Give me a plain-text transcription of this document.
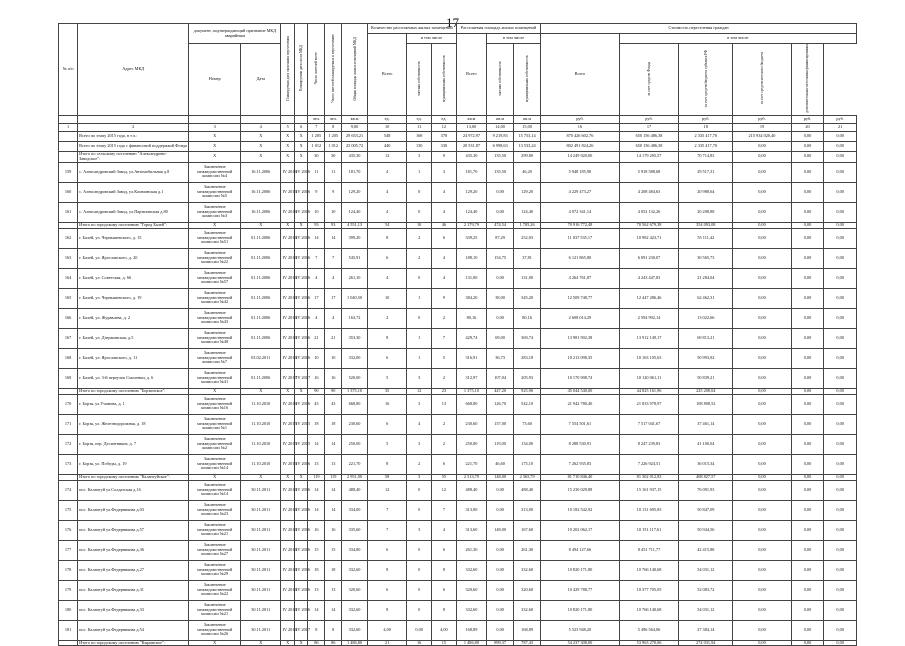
17
№ п/п	Адрес МКД	документ, подтверждающий признание МКД аварийным		Планируемая дата окончания переселения	Планируемая дата сноса МКД	Число жителей всего	Число жителей планируемых к переселению	Общая площадь жилых помещений МКД	Количество расселяемых жилых помещений			Расселяемая площадь жилых помещений			Стоимость переселения граждан					
									Всего	в том числе		Всего	в том числе		Всего	в том числе				
		Номер	Дата							частная собственность	муниципальная собственность		частная собственность	муниципальная собственность		за счет средств Фонда	за счет средств бюджета субъекта РФ	за счет средств местного бюджета	дополнительные источники финансирования	
						чел.	чел.	кв.м	ед.	ед.	ед.	кв.м	кв.м	кв.м	руб.	руб.	руб.	руб.	руб.	руб.
1	2	3	4	5	6	7	8	9,00	10	11	12	13,00	14,00	15,00	16	17	18	19	20	21
	Всего по этапу 2015 года, в т.ч.:	Х	Х	Х	Х	1 205	1 205	29 653,21	548	168	378	24 972,97	9 219,83	15 753,14	870 426 602,76	650 156 486,38	2 335 417,70	215 934 020,40	0,00	0,00
	Всего по этапу 2015 года с финансовой поддержкой Фонда	Х	Х	Х	Х	1 012	1 012	25 005,72	440	130	330	20 531,87	6 998,63	13 533,24	802 491 824,26	650 156 486,38	2 335 417,70	0,00	0,00	0,00
	Итого по сельскому поселению "Александрово-Заводское":	Х	Х	Х	Х	30	30	435,30	12	3	9	435,30	135,50	299,80	14 249 920,00	14 179 205,57	70 714,83	0,00	0,00	0,00
159	с. Александровский Завод, ул.Автомобильная д.8	Заключение межведомственной комиссии №4	16.11.2006	IV 2016	IV 2016	11	11	181,70	4	1	3	181,70	135,50	46,20	5 948 185,90	5 918 588,68	29 517,31	0,00	0,00	0,00
160	с. Александровский Завод, ул.Казачинская д.1	Заключение межведомственной комиссии №5	16.11.2006	IV 2016	IV 2016	9	9	129,20	4	0	4	129,20	0,00	129,20	4 229 473,27	4 208 484,63	20 988,64	0,00	0,00	0,00
161	с. Александровский Завод, ул.Партизанская д.80	Заключение межведомственной комиссии №3	16.11.2006	IV 2016	IV 2016	10	10	124,40	4	0	4	124,40	0,00	124,40	4 072 341,14	4 052 132,26	20 208,88	0,00	0,00	0,00
	Итого по городскому поселению "Город Балей":	Х	Х	Х	Х	93	93	4 551,13	54	10	46	2 179,79	474,54	1 705,26	70 916 772,48	70 562 679,38	354 093,08	0,00	0,00	0,00
162	г. Балей, ул. Чернышевского, д. 15	Заключение межведомственной комиссии №51	01.11.2006	IV 2016	IV 2016	14	14	399,20	8	2	6	339,25	87,29	252,03	11 037 535,17	10 982 423,71	55 111,42	0,00	0,00	0,00
163	г. Балей, ул. Ярославского, д. 20	Заключение межведомственной комиссии №22	01.11.2006	IV 2016	IV 2016	7	7	545,91	6	2	4	188,10	154,75	37,81	6 121 865,80	6 091 230,07	30 565,73	0,00	0,00	0,00
164	г. Балей, ул. Советская, д. 66	Заключение межведомственной комиссии №57	01.11.2006	IV 2016	IV 2016	4	4	261,10	4	0	4	131,00	0,00	131,00	4 264 761,87	4 243 447,83	21 284,04	0,00	0,00	0,00
165	г. Балей, ул. Чернышевского, д. 19	Заключение межведомственной комиссии №42	01.11.2006	IV 2016	IV 2016	17	17	1 040,50	10	1	9	384,20	38,00	345,20	12 509 748,77	12 447 286,46	62 462,31	0,00	0,00	0,00
166	г. Балей, ул. Журавлева, д. 2	Заключение межведомственной комиссии №43	01.11.2006	IV 2016	IV 2016	4	4	163,72	2	0	2	80,16	0,00	80,16	2 608 014,29	2 594 992,14	13 022,66	0,00	0,00	0,00
167	г. Балей, ул. Дзержинская, д.5	Заключение межведомственной комиссии №48	01.11.2006	IV 2016	IV 2016	21	21	353,30	8	1	7	429,74	69,00	369,74	13 981 902,38	13 912 149,17	69 813,21	0,00	0,00	0,00
168	г. Балей, ул. Ярославского, д. 11	Заключение межведомственной комиссии №7	03.02.2011	IV 2016	IV 2016	10	10	332,00	6	1	5	316,91	36,73	283,18	10 213 098,35	10 163 105,63	50 993,92	0,00	0,00	0,00
169	г. Балей, ул. 3-й переулок Смоленки, д. 6	Заключение межведомственной комиссии №41	01.11.2006	IV 2017	IV 2017	16	16	520,00	5	3	2	312,97	107,04	205,93	10 170 908,74	10 120 061,11	50 839,21	0,00	0,00	0,00
	Итого по городскому поселению "Борзинское":	Х	Х	Х	Х	90	90	1 375,10	35	12	23	1 375,10	447,20	925,90	45 044 540,00	44 825 161,96	225 208,04	0,00	0,00	0,00
170	г. Борзя, ул.Учинова, д. 1	Заключение межведомственной комиссии №16	11.10.2010	IV 2016	IV 2016	43	43	668,80	16	3	13	668,80	126,70	542,10	21 942 780,40	21 833 978,97	108 808,52	0,00	0,00	0,00
171	г. Борзя, ул. Железнодорожная, д. 18	Заключение межведомственной комиссии №1	11.10.2010	IV 2015	IV 2015	18	18	230,60	6	4	2	230,60	157,00	73,60	7 554 501,61	7 517 041,67	37 461,14	0,00	0,00	0,00
172	г. Борзя, пер. Десантников, д. 7	Заключение межведомственной комиссии №2	11.10.2010	IV 2015	IV 2015	14	14	250,00	5	3	2	250,00	119,00	134,00	8 288 530,91	8 247 239,83	41 100,04	0,00	0,00	0,00
173	г. Борзя, ул. Победы, д. 19	Заключение межведомственной комиссии №14	11.10.2010	IV 2016	IV 2016	13	13	221,70	8	2	6	221,70	46,60	175,10	7 262 935,83	7 226 924,51	36 015,34	0,00	0,00	0,00
	Итого по городскому поселению "Калангуйское":	Х	Х	Х	Х	119	119	2 951,00	58	3	55	2 513,79	148,00	2 365,79	81 710 846,40	81 302 012,83	408 827,57	0,00	0,00	0,00
174	пос. Калангуй ул.Солдатская д.16	Заключение межведомственной комиссии №14	30.11.2011	IV 2016	IV 2016	14	14	488,40	12	0	12	488,40	0,00	488,40	15 230 029,88	15 161 937,15	76 091,93	0,00	0,00	0,00
175	пос. Калангуй ул.Федерникова д.03	Заключение межведомственной комиссии №23	30.11.2011	IV 2016	IV 2016	14	14	334,00	7	0	7	313,00	0,00	313,00	10 182 542,92	10 131 695,83	50 847,09	0,00	0,00	0,00
176	пос. Калангуй ул.Федерникова д.57	Заключение межведомственной комиссии №21	30.11.2011	IV 2016	IV 2016	16	16	335,60	7	3	4	313,60	148,00	167,60	10 202 062,17	10 151 117,61	50 944,56	0,00	0,00	0,00
177	пос. Калангуй ул.Федерникова д.36	Заключение межведомственной комиссии №27	30.11.2011	IV 2016	IV 2016	15	15	334,80	6	0	6	261,30	0,00	261,30	8 494 127,66	8 451 711,77	42 415,88	0,00	0,00	0,00
178	пос. Калангуй ул.Федерникова д.27	Заключение межведомственной комиссии №29	30.11.2011	IV 2016	IV 2016	18	18	332,60	8	0	8	332,60	0,00	332,60	10 820 171,80	10 766 140,68	54 031,12	0,00	0,00	0,00
179	пос. Калангуй ул.Федерникова д.31	Заключение межведомственной комиссии №22	30.11.2011	IV 2016	IV 2016	13	13	320,60	6	0	6	320,60	0,00	320,60	10 429 788,77	10 377 705,05	52 083,72	0,00	0,00	0,00
180	пос. Калангуй ул.Федерникова д.33	Заключение межведомственной комиссии №21	30.11.2011	IV 2016	IV 2016	14	14	332,60	8	0	8	332,60	0,00	332,60	10 820 171,80	10 766 140,68	54 031,12	0,00	0,00	0,00
181	пос. Калангуй ул.Федерникова д.54	Заключение межведомственной комиссии №26	30.11.2011	IV 2016	IV 2017	8	8	332,60	4,00	0,00	4,00	168,89	0,00	168,89	5 523 948,20	5 496 564,06	27 384,14	0,00	0,00	0,00
	Итого по городскому поселению "Кыринское":	Х	Х	Х	Х	86	86	1 486,80	21	16	15	1 486,80	899,37	787,43	54 237 308,00	53 963 270,06	274 031,94	0,00	0,00	0,00
